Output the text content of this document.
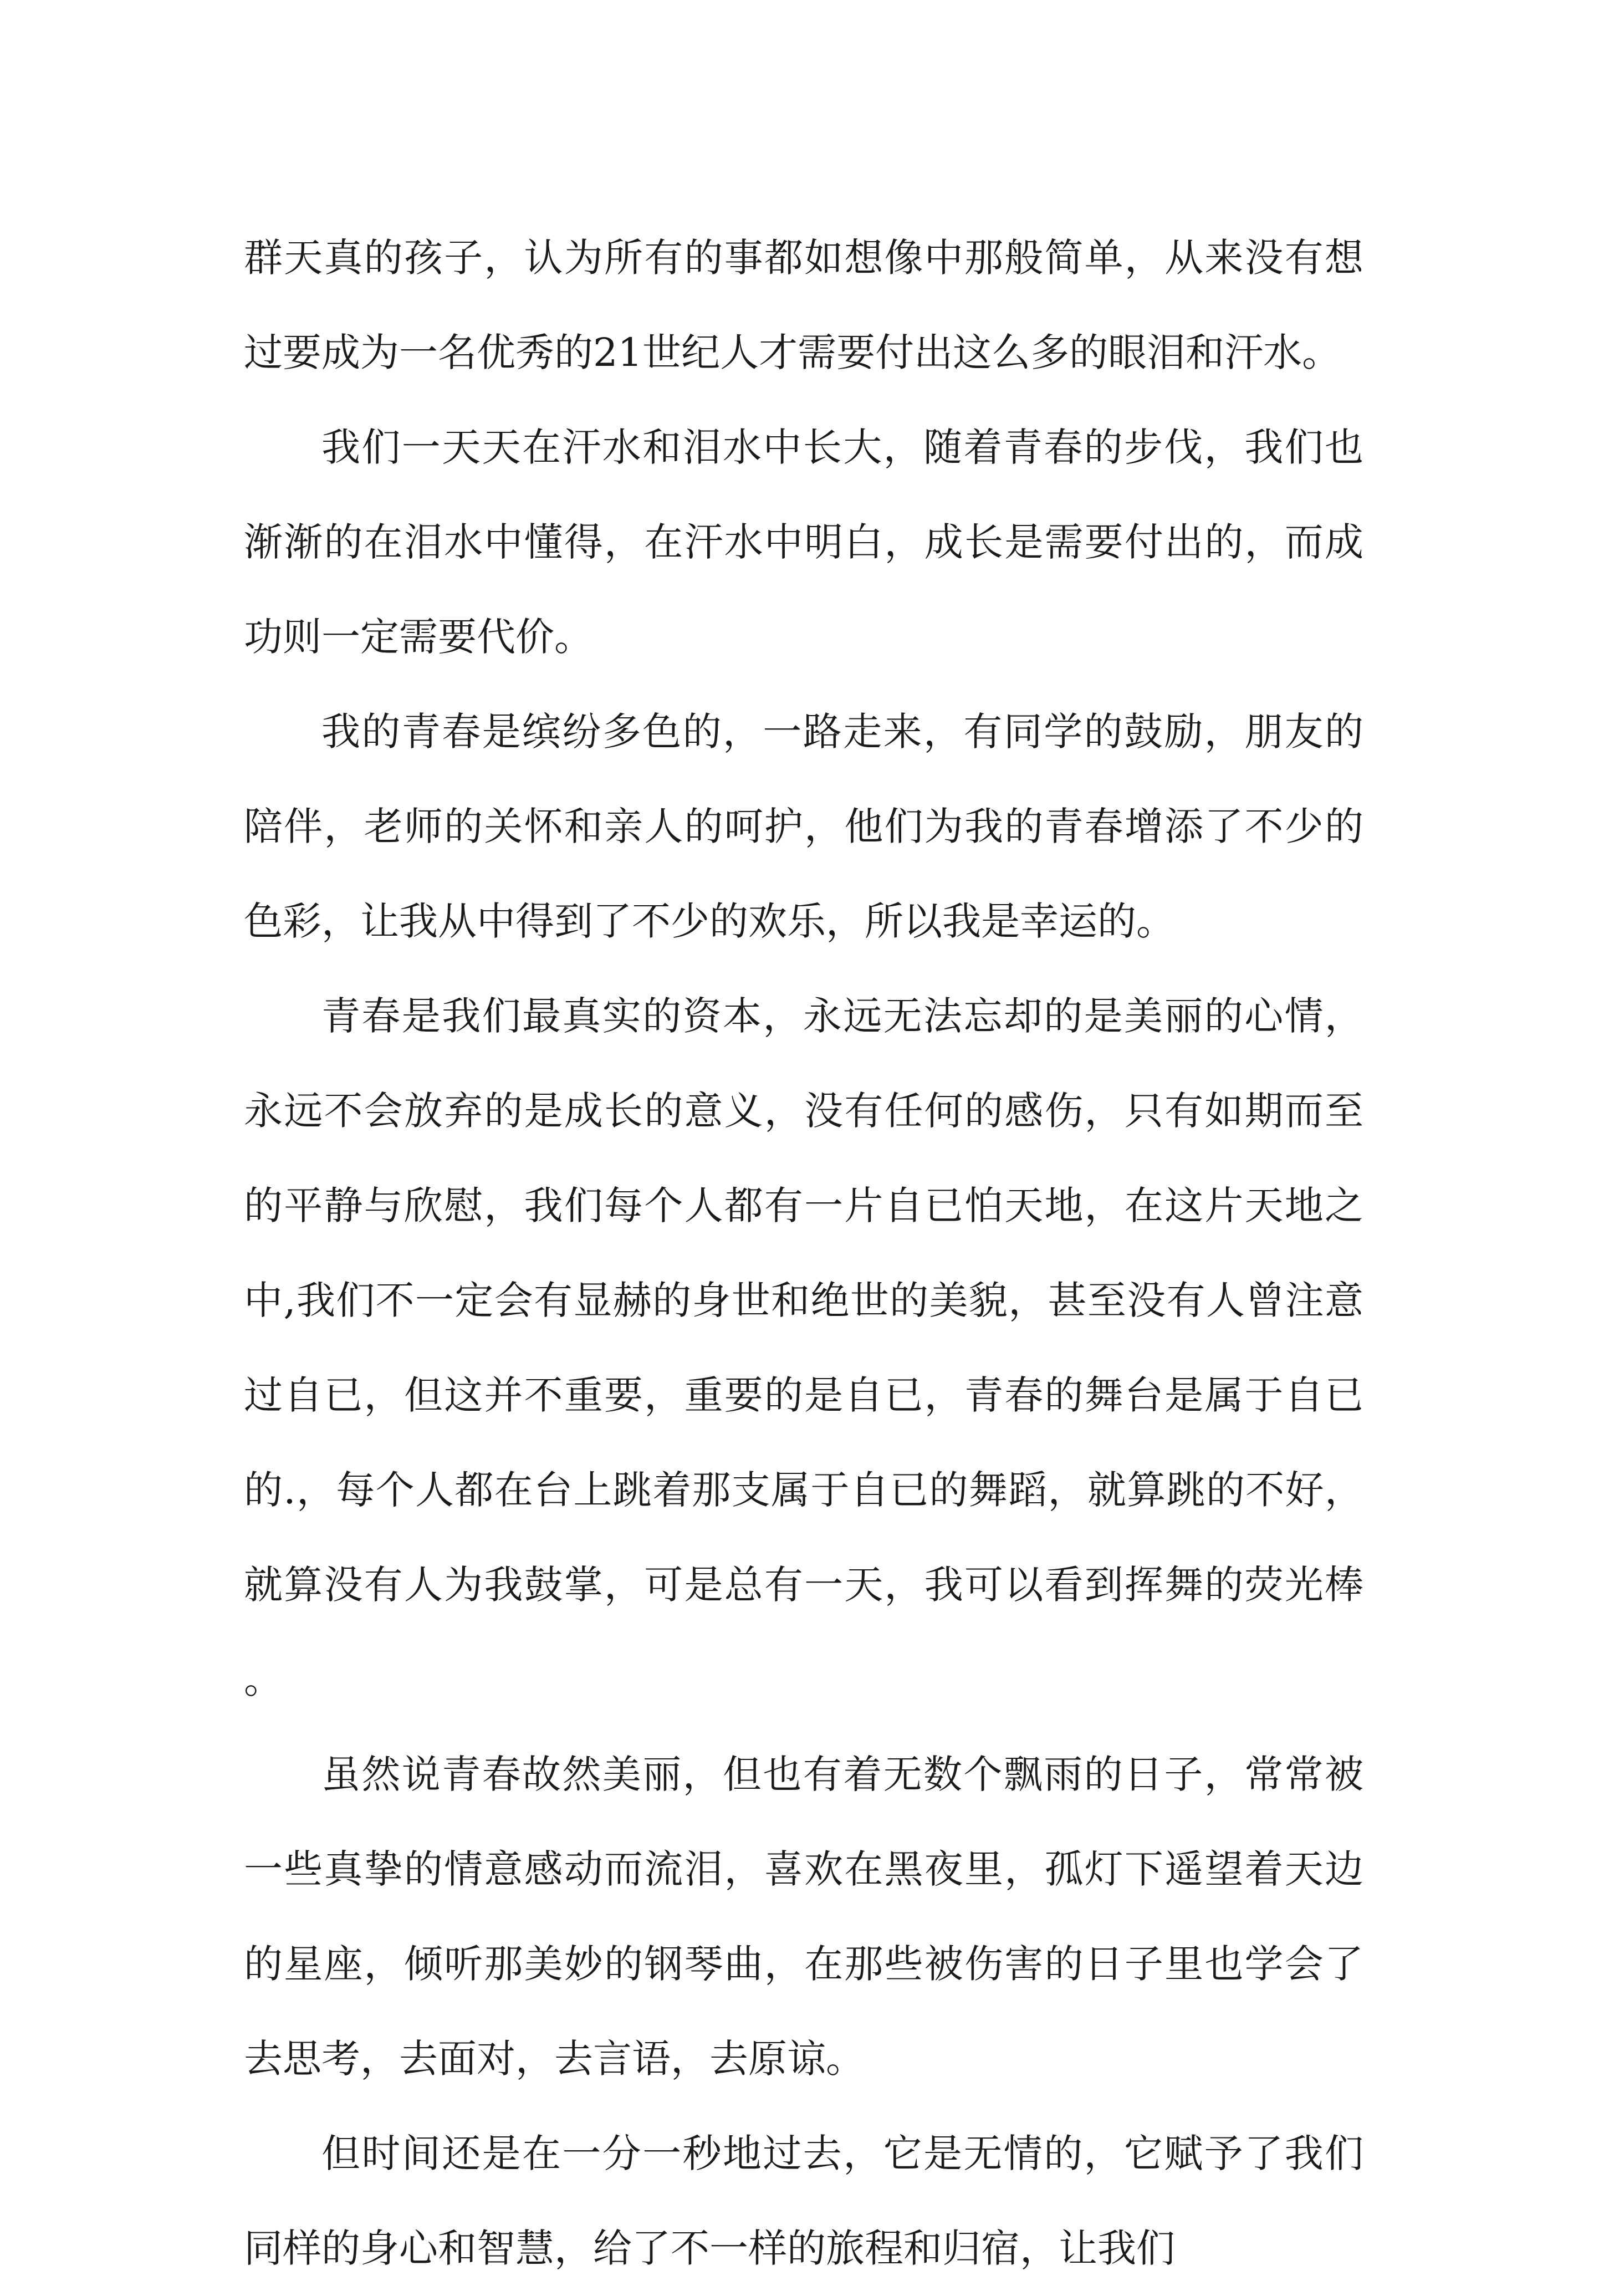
群天真的孩子，认为所有的事都如想像中那般简单，从来没有想过要成为一名优秀的21世纪人才需要付出这么多的眼泪和汗水。

我们一天天在汗水和泪水中长大，随着青春的步伐，我们也渐渐的在泪水中懂得，在汗水中明白，成长是需要付出的，而成功则一定需要代价。

我的青春是缤纷多色的，一路走来，有同学的鼓励，朋友的陪伴，老师的关怀和亲人的呵护，他们为我的青春增添了不少的色彩，让我从中得到了不少的欢乐，所以我是幸运的。

青春是我们最真实的资本，永远无法忘却的是美丽的心情，永远不会放弃的是成长的意义，没有任何的感伤，只有如期而至的平静与欣慰，我们每个人都有一片自已怕天地，在这片天地之中,我们不一定会有显赫的身世和绝世的美貌，甚至没有人曾注意过自已，但这并不重要，重要的是自已，青春的舞台是属于自已的.，每个人都在台上跳着那支属于自已的舞蹈，就算跳的不好，就算没有人为我鼓掌，可是总有一天，我可以看到挥舞的荧光棒。

虽然说青春故然美丽，但也有着无数个飘雨的日子，常常被一些真挚的情意感动而流泪，喜欢在黑夜里，孤灯下遥望着天边的星座，倾听那美妙的钢琴曲，在那些被伤害的日子里也学会了去思考，去面对，去言语，去原谅。

但时间还是在一分一秒地过去，它是无情的，它赋予了我们同样的身心和智慧，给了不一样的旅程和归宿，让我们
